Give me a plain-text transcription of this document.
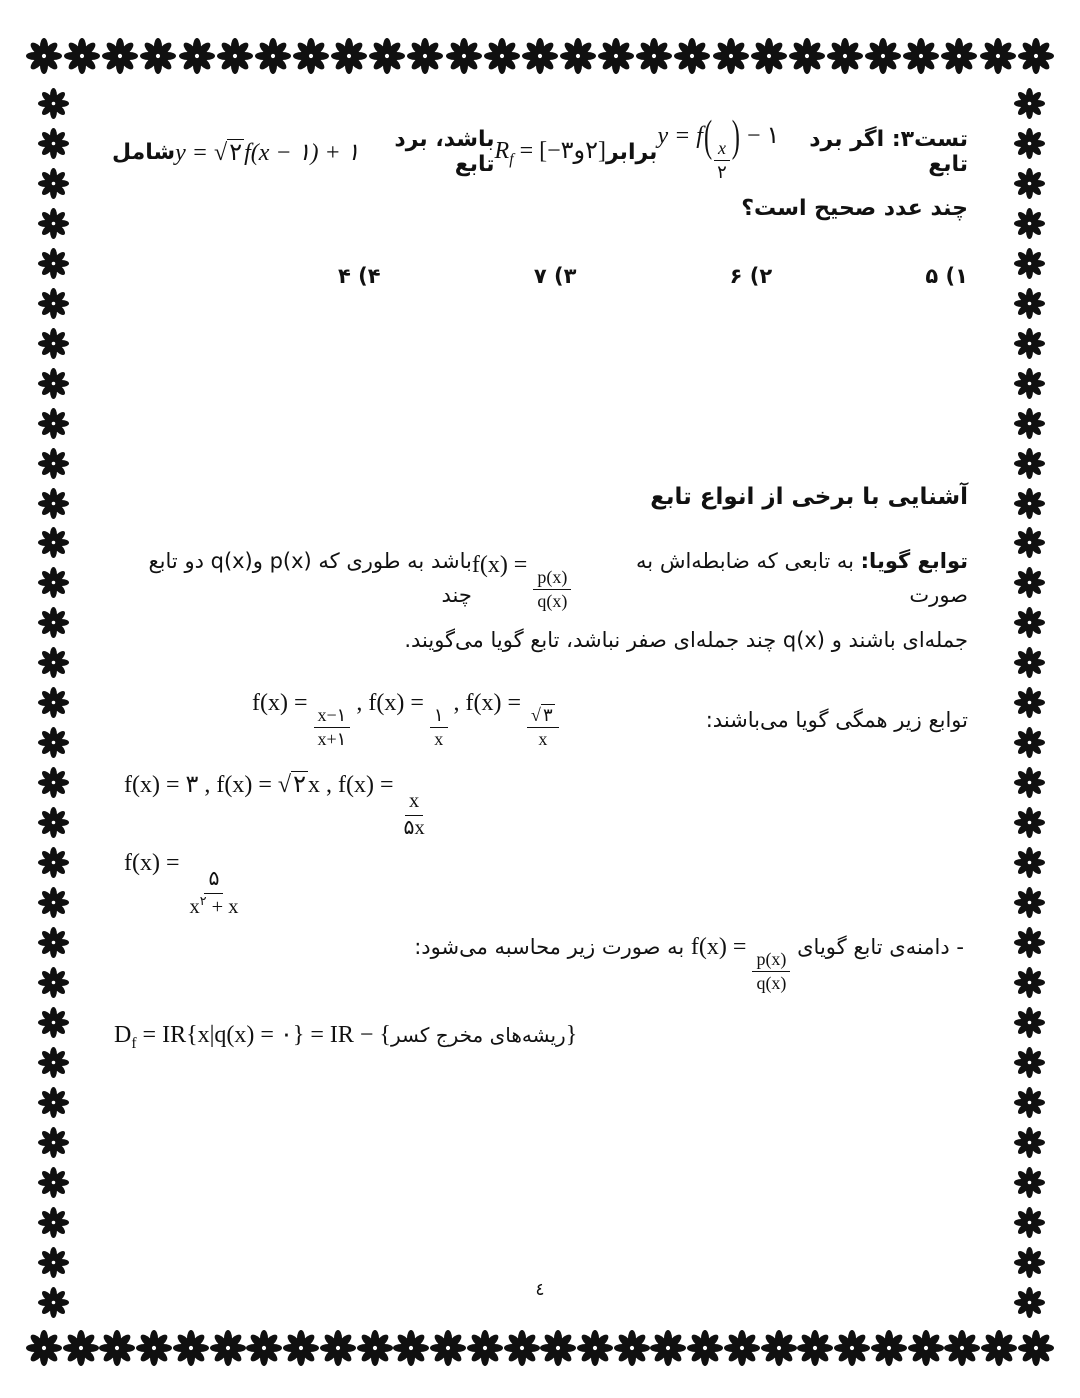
تست۳: اگر برد تابع
$y = f( \frac{x}{۲}$ ) − ۱
برابر
$R_f$ = [−۳و۲]
باشد، برد تابع
y = √۲f(x − ۱) + ۱
شامل
چند عدد صحیح است؟
۱) ۵
۲) ۶
۳) ۷
۴) ۴
آشنایی با برخی از انواع تابع
توابع گویا: به تابعی که ضابطه‌اش به صورت
f(x) =
$\frac{p(x)}{q(x)}$
باشد به طوری که p(x) وq(x) دو تابع چند
جمله‌ای باشند و q(x) چند جمله‌ای صفر نباشد، تابع گویا می‌گویند.
f(x) =
$\frac{x-۱}{x+۱}$
, f(x) =
$\frac{۱}{x}$
, f(x) =
$\frac{√ ۳}{x}$	توابع زیر همگی گویا می‌باشند:
f(x) = ۳ , f(x) = √۲x , f(x) =
$\frac{x}{۵x}$
f(x) =
$\frac{۵}{x^۲ + x}$
- دامنه‌ی تابع گویای f(x) =
$\frac{p(x)}{q(x)}$
به صورت زیر محاسبه می‌شود:
$D_f = IR\{x|q(x)$ = ٠} = IR − {ریشه‌های مخرج کسر}
٤
